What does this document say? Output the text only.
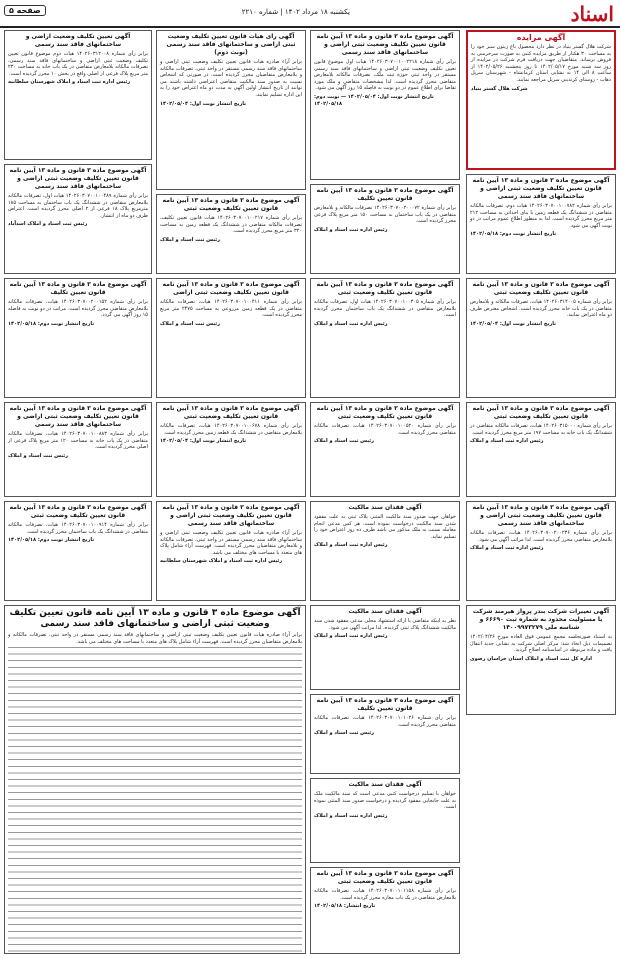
اسناد
یکشنبه ۱۸ مرداد ۱۴۰۲ | شماره ۲۲۱۰
صفحه ۵
آگهی مزایده
شرکت هلال گستر بنیاد در نظر دارد محصول باغ زیتون سبز خود را به مساحت ۳۰ هکتار از طریق مزایده کتبی به صورت سرخرمنی به فروش برساند. متقاضیان جهت دریافت فرم شرکت در مزایده از روز سه شنبه مورخ ۱۴۰۲/۰۵/۱۷ تا روز پنجشنبه ۱۴۰۲/۰۵/۲۶ از ساعت ۸ الی ۱۴ به نشانی استان کرمانشاه - شهرستان سرپل ذهاب - روستای کرندینی سرپل مراجعه نمایند.
شرکت هلال گستر بنیاد
آگهی موضوع ماده ۳ قانون و ماده ۱۳ آیین نامه قانون تعیین تکلیف وضعیت ثبتی اراضی و ساختمانهای فاقد سند رسمی
برابر رأی شماره ۱۴۰۲۶۰۳۰۷۰۰۱۰۰۲۲۱۸ هیات اول موضوع قانون تعیین تکلیف وضعیت ثبتی اراضی و ساختمانهای فاقد سند رسمی مستقر در واحد ثبتی حوزه ثبت ملک، تصرفات مالکانه بلامعارض متقاضی محرز گردیده است. لذا مشخصات متقاضی و ملک مورد تقاضا برای اطلاع عموم در دو نوبت به فاصله ۱۵ روز آگهی می شود.
تاریخ انتشار نوبت اول: ۱۴۰۲/۰۵/۰۴ — نوبت دوم: ۱۴۰۲/۰۵/۱۸
آگهی رای هیات قانون تعیین تکلیف وضعیت ثبتی اراضی و ساختمانهای فاقد سند رسمی (نوبت دوم)
برابر آراء صادره هیات قانون تعیین تکلیف وضعیت ثبتی اراضی و ساختمانهای فاقد سند رسمی مستقر در واحد ثبتی، تصرفات مالکانه و بلامعارض متقاضیان محرز گردیده است. در صورتی که اشخاص نسبت به صدور سند مالکیت متقاضی اعتراضی داشته باشند می توانند از تاریخ انتشار اولین آگهی به مدت دو ماه اعتراض خود را به این اداره تسلیم نمایند.
تاریخ انتشار نوبت اول: ۱۴۰۲/۰۵/۰۴
آگهی تعیین تکلیف وضعیت اراضی و ساختمانهای فاقد سند رسمی
برابر رأی شماره ۱۴۰۲۶۰۳۱۲۰۰۸ هیات دوم موضوع قانون تعیین تکلیف وضعیت ثبتی اراضی و ساختمانهای فاقد سند رسمی، تصرفات مالکانه بلامعارض متقاضی در یک باب خانه به مساحت ۲۳۰ متر مربع پلاک فرعی از اصلی واقع در بخش ۱۰ محرز گردیده است.
رئیس اداره ثبت اسناد و املاک شهرستان سلطانیه
آگهی موضوع ماده ۳ قانون و ماده ۱۳ آیین نامه قانون تعیین تکلیف وضعیت ثبتی اراضی و ساختمانهای فاقد سند رسمی
برابر رأی شماره ۱۴۰۲۶۰۳۰۷۰۰۱۰۰۴۸۹ هیات اول، تصرفات مالکانه بلامعارض متقاضی در ششدانگ یک باب ساختمان به مساحت ۱۸۵ مترمربع پلاک ۱۸ فرعی از ۲ اصلی محرز گردیده است. اعتراض ظرف دو ماه از انتشار.
رئیس ثبت اسناد و املاک اسدآباد
آگهی موضوع ماده ۳ قانون و ماده ۱۳ آیین نامه قانون تعیین تکلیف وضعیت ثبتی اراضی و ساختمانهای فاقد سند رسمی
برابر رأی شماره ۱۴۰۲۶۰۳۰۷۰۰۱۰۰۷۸۲ هیات دوم، تصرفات مالکانه متقاضی در ششدانگ یک قطعه زمین با بنای احداثی به مساحت ۲۱۲ متر مربع محرز گردیده است. لذا به منظور اطلاع عموم مراتب در دو نوبت آگهی می شود.
تاریخ انتشار نوبت دوم: ۱۴۰۲/۰۵/۱۸
آگهی موضوع ماده ۳ قانون و ماده ۱۳ آیین نامه قانون تعیین تکلیف
برابر رأی شماره ۱۴۰۲۶۰۳۰۷۰۰۲۰۰۰۷۲ تصرفات مالکانه و بلامعارض متقاضی در یک باب ساختمان به مساحت ۱۵۰ متر مربع پلاک فرعی محرز گردیده است.
رئیس اداره ثبت اسناد و املاک
آگهی موضوع ماده ۳ قانون و ماده ۱۳ آیین نامه قانون تعیین تکلیف وضعیت ثبتی
برابر رأی شماره ۱۴۰۲۶۰۳۰۷۰۰۱۰۰۲۱۷ هیات قانون تعیین تکلیف، تصرفات مالکانه متقاضی در ششدانگ یک قطعه زمین به مساحت ۳۲۰ متر مربع محرز گردیده است.
رئیس ثبت اسناد و املاک
آگهی موضوع ماده ۳ قانون و ماده ۱۳ آیین نامه قانون تعیین تکلیف وضعیت ثبتی
برابر رأی شماره ۱۴۰۲۶۰۳۱۴۰۰۵ هیات، تصرفات مالکانه و بلامعارض متقاضی در یک باب خانه محرز گردیده است. اشخاص معترض ظرف دو ماه اعتراض نمایند.
تاریخ انتشار نوبت اول: ۱۴۰۲/۰۵/۰۴
آگهی موضوع ماده ۳ قانون و ماده ۱۳ آیین نامه قانون تعیین تکلیف وضعیت ثبتی
برابر رأی شماره ۱۴۰۲۶۰۳۰۷۰۰۱۰۰۳۰۵ هیات اول، تصرفات مالکانه بلامعارض متقاضی در ششدانگ یک باب ساختمان محرز گردیده است.
رئیس اداره ثبت اسناد و املاک
آگهی موضوع ماده ۳ قانون و ماده ۱۳ آیین نامه قانون تعیین تکلیف وضعیت ثبتی اراضی
برابر رأی شماره ۱۴۰۲۶۰۳۰۷۰۰۱۰۰۴۱۱ هیات، تصرفات مالکانه متقاضی در یک قطعه زمین مزروعی به مساحت ۲۴۷۵ متر مربع محرز گردیده است.
رئیس ثبت اسناد و املاک
آگهی موضوع ماده ۳ قانون و ماده ۱۳ آیین نامه قانون تعیین تکلیف
برابر رأی شماره ۱۴۰۲۶۰۳۰۷۰۰۲۰۰۱۵۲ هیات، تصرفات مالکانه بلامعارض متقاضی محرز گردیده است. مراتب در دو نوبت به فاصله ۱۵ روز آگهی می گردد.
تاریخ انتشار نوبت دوم: ۱۴۰۲/۰۵/۱۸
آگهی موضوع ماده ۳ قانون و ماده ۱۳ آیین نامه قانون تعیین تکلیف وضعیت ثبتی
برابر رأی شماره ۱۴۰۲۶۰۳۱۵۰۰۰ هیات، تصرفات مالکانه متقاضی در ششدانگ یک باب خانه به مساحت ۱۹۷ متر مربع محرز گردیده است.
رئیس اداره ثبت اسناد و املاک
آگهی موضوع ماده ۳ قانون و ماده ۱۳ آیین نامه قانون تعیین تکلیف وضعیت ثبتی
برابر رأی شماره ۱۴۰۲۶۰۳۰۷۰۰۱۰۰۵۲۰ هیات، تصرفات مالکانه متقاضی محرز گردیده است.
رئیس ثبت اسناد و املاک
آگهی موضوع ماده ۳ قانون و ماده ۱۳ آیین نامه قانون تعیین تکلیف وضعیت ثبتی
برابر رأی شماره ۱۴۰۲۶۰۳۰۷۰۰۱۰۰۶۷۸ هیات، تصرفات مالکانه بلامعارض متقاضی در ششدانگ یک قطعه زمین محرز گردیده است.
تاریخ انتشار نوبت اول: ۱۴۰۲/۰۵/۰۴
آگهی موضوع ماده ۳ قانون و ماده ۱۳ آیین نامه قانون تعیین تکلیف وضعیت ثبتی اراضی و ساختمانهای فاقد سند رسمی
برابر رأی شماره ۱۴۰۲۶۰۳۰۷۰۰۱۰۰۸۸۳ هیات، تصرفات مالکانه متقاضی در یک باب خانه به مساحت ۱۲۰ متر مربع پلاک فرعی از اصلی محرز گردیده است.
رئیس ثبت اسناد و املاک
آگهی موضوع ماده ۳ قانون و ماده ۱۳ آیین نامه قانون تعیین تکلیف وضعیت ثبتی اراضی و ساختمانهای فاقد سند رسمی
برابر رأی شماره ۱۴۰۲۶۰۳۰۷۰۰۲۰۰۲۳۶ هیات، تصرفات مالکانه بلامعارض متقاضی محرز گردیده است. لذا مراتب آگهی می شود.
رئیس اداره ثبت اسناد و املاک
آگهی فقدان سند مالکیت
خواهان جهت صدور سند مالکیت المثنی پلاک ثبتی به علت مفقود شدن سند مالکیت درخواست نموده است. هر کس مدعی انجام معامله نسبت به ملک مذکور می باشد ظرف ده روز اعتراض خود را تسلیم نماید.
رئیس اداره ثبت اسناد و املاک
آگهی موضوع ماده ۳ قانون و ماده ۱۳ آیین نامه قانون تعیین تکلیف وضعیت ثبتی
برابر رأی شماره ۱۴۰۲۶۰۳۰۷۰۰۱۰۰۹۱۴ هیات، تصرفات مالکانه متقاضی در ششدانگ یک باب ساختمان محرز گردیده است.
تاریخ انتشار نوبت دوم: ۱۴۰۲/۰۵/۱۸
آگهی موضوع ماده ۳ قانون و ماده ۱۳ آیین نامه قانون تعیین تکلیف وضعیت ثبتی اراضی و ساختمانهای فاقد سند رسمی
برابر آراء صادره هیات قانون تعیین تکلیف وضعیت ثبتی اراضی و ساختمانهای فاقد سند رسمی مستقر در واحد ثبتی، تصرفات مالکانه و بلامعارض متقاضیان محرز گردیده است. فهرست آراء شامل پلاک های متعدد با مساحت های مختلف می باشد.
رئیس اداره ثبت اسناد و املاک شهرستان سلطانیه
آگهی فقدان سند مالکیت
نظر به اینکه متقاضی با ارائه استشهاد محلی مدعی مفقود شدن سند مالکیت ششدانگ پلاک ثبتی گردیده، لذا مراتب آگهی می شود.
رئیس اداره ثبت اسناد و املاک
آگهی تغییرات شرکت بندر پرواز هیرمند شرکت با مسئولیت محدود به شماره ثبت ۶۶۶۹۰ و شناسه ملی ۱۴۰۰۹۹۷۳۲۷۹
به استناد صورتجلسه مجمع عمومی فوق العاده مورخ ۱۴۰۲/۰۴/۲۶ تصمیمات ذیل اتخاذ شد: مرکز اصلی شرکت به نشانی جدید انتقال یافت و ماده مربوطه در اساسنامه اصلاح گردید.
اداره کل ثبت اسناد و املاک استان خراسان رضوی
آگهی موضوع ماده ۳ قانون و ماده ۱۳ آیین نامه قانون تعیین تکلیف
برابر رأی شماره ۱۴۰۲۶۰۳۰۷۰۰۱۰۱۰۲۶ هیات، تصرفات مالکانه متقاضی محرز گردیده است.
رئیس ثبت اسناد و املاک
آگهی فقدان سند مالکیت
خواهان با تسلیم درخواست کتبی مدعی است که سند مالکیت ملک به علت جابجایی مفقود گردیده و درخواست صدور سند المثنی نموده است.
رئیس اداره ثبت اسناد و املاک
آگهی موضوع ماده ۳ قانون و ماده ۱۳ آیین نامه قانون تعیین تکلیف وضعیت ثبتی
برابر رأی شماره ۱۴۰۲۶۰۳۰۷۰۰۱۰۱۱۵۸ هیات، تصرفات مالکانه بلامعارض متقاضی در یک باب مغازه محرز گردیده است.
تاریخ انتشار: ۱۴۰۲/۰۵/۱۸
آگهی موضوع ماده ۳ قانون و ماده ۱۳ آیین نامه قانون تعیین تکلیف وضعیت ثبتی اراضی و ساختمانهای فاقد سند رسمی
برابر آراء صادره هیات قانون تعیین تکلیف وضعیت ثبتی اراضی و ساختمانهای فاقد سند رسمی مستقر در واحد ثبتی، تصرفات مالکانه و بلامعارض متقاضیان محرز گردیده است. فهرست آراء شامل پلاک های متعدد با مساحت های مختلف می باشد.
